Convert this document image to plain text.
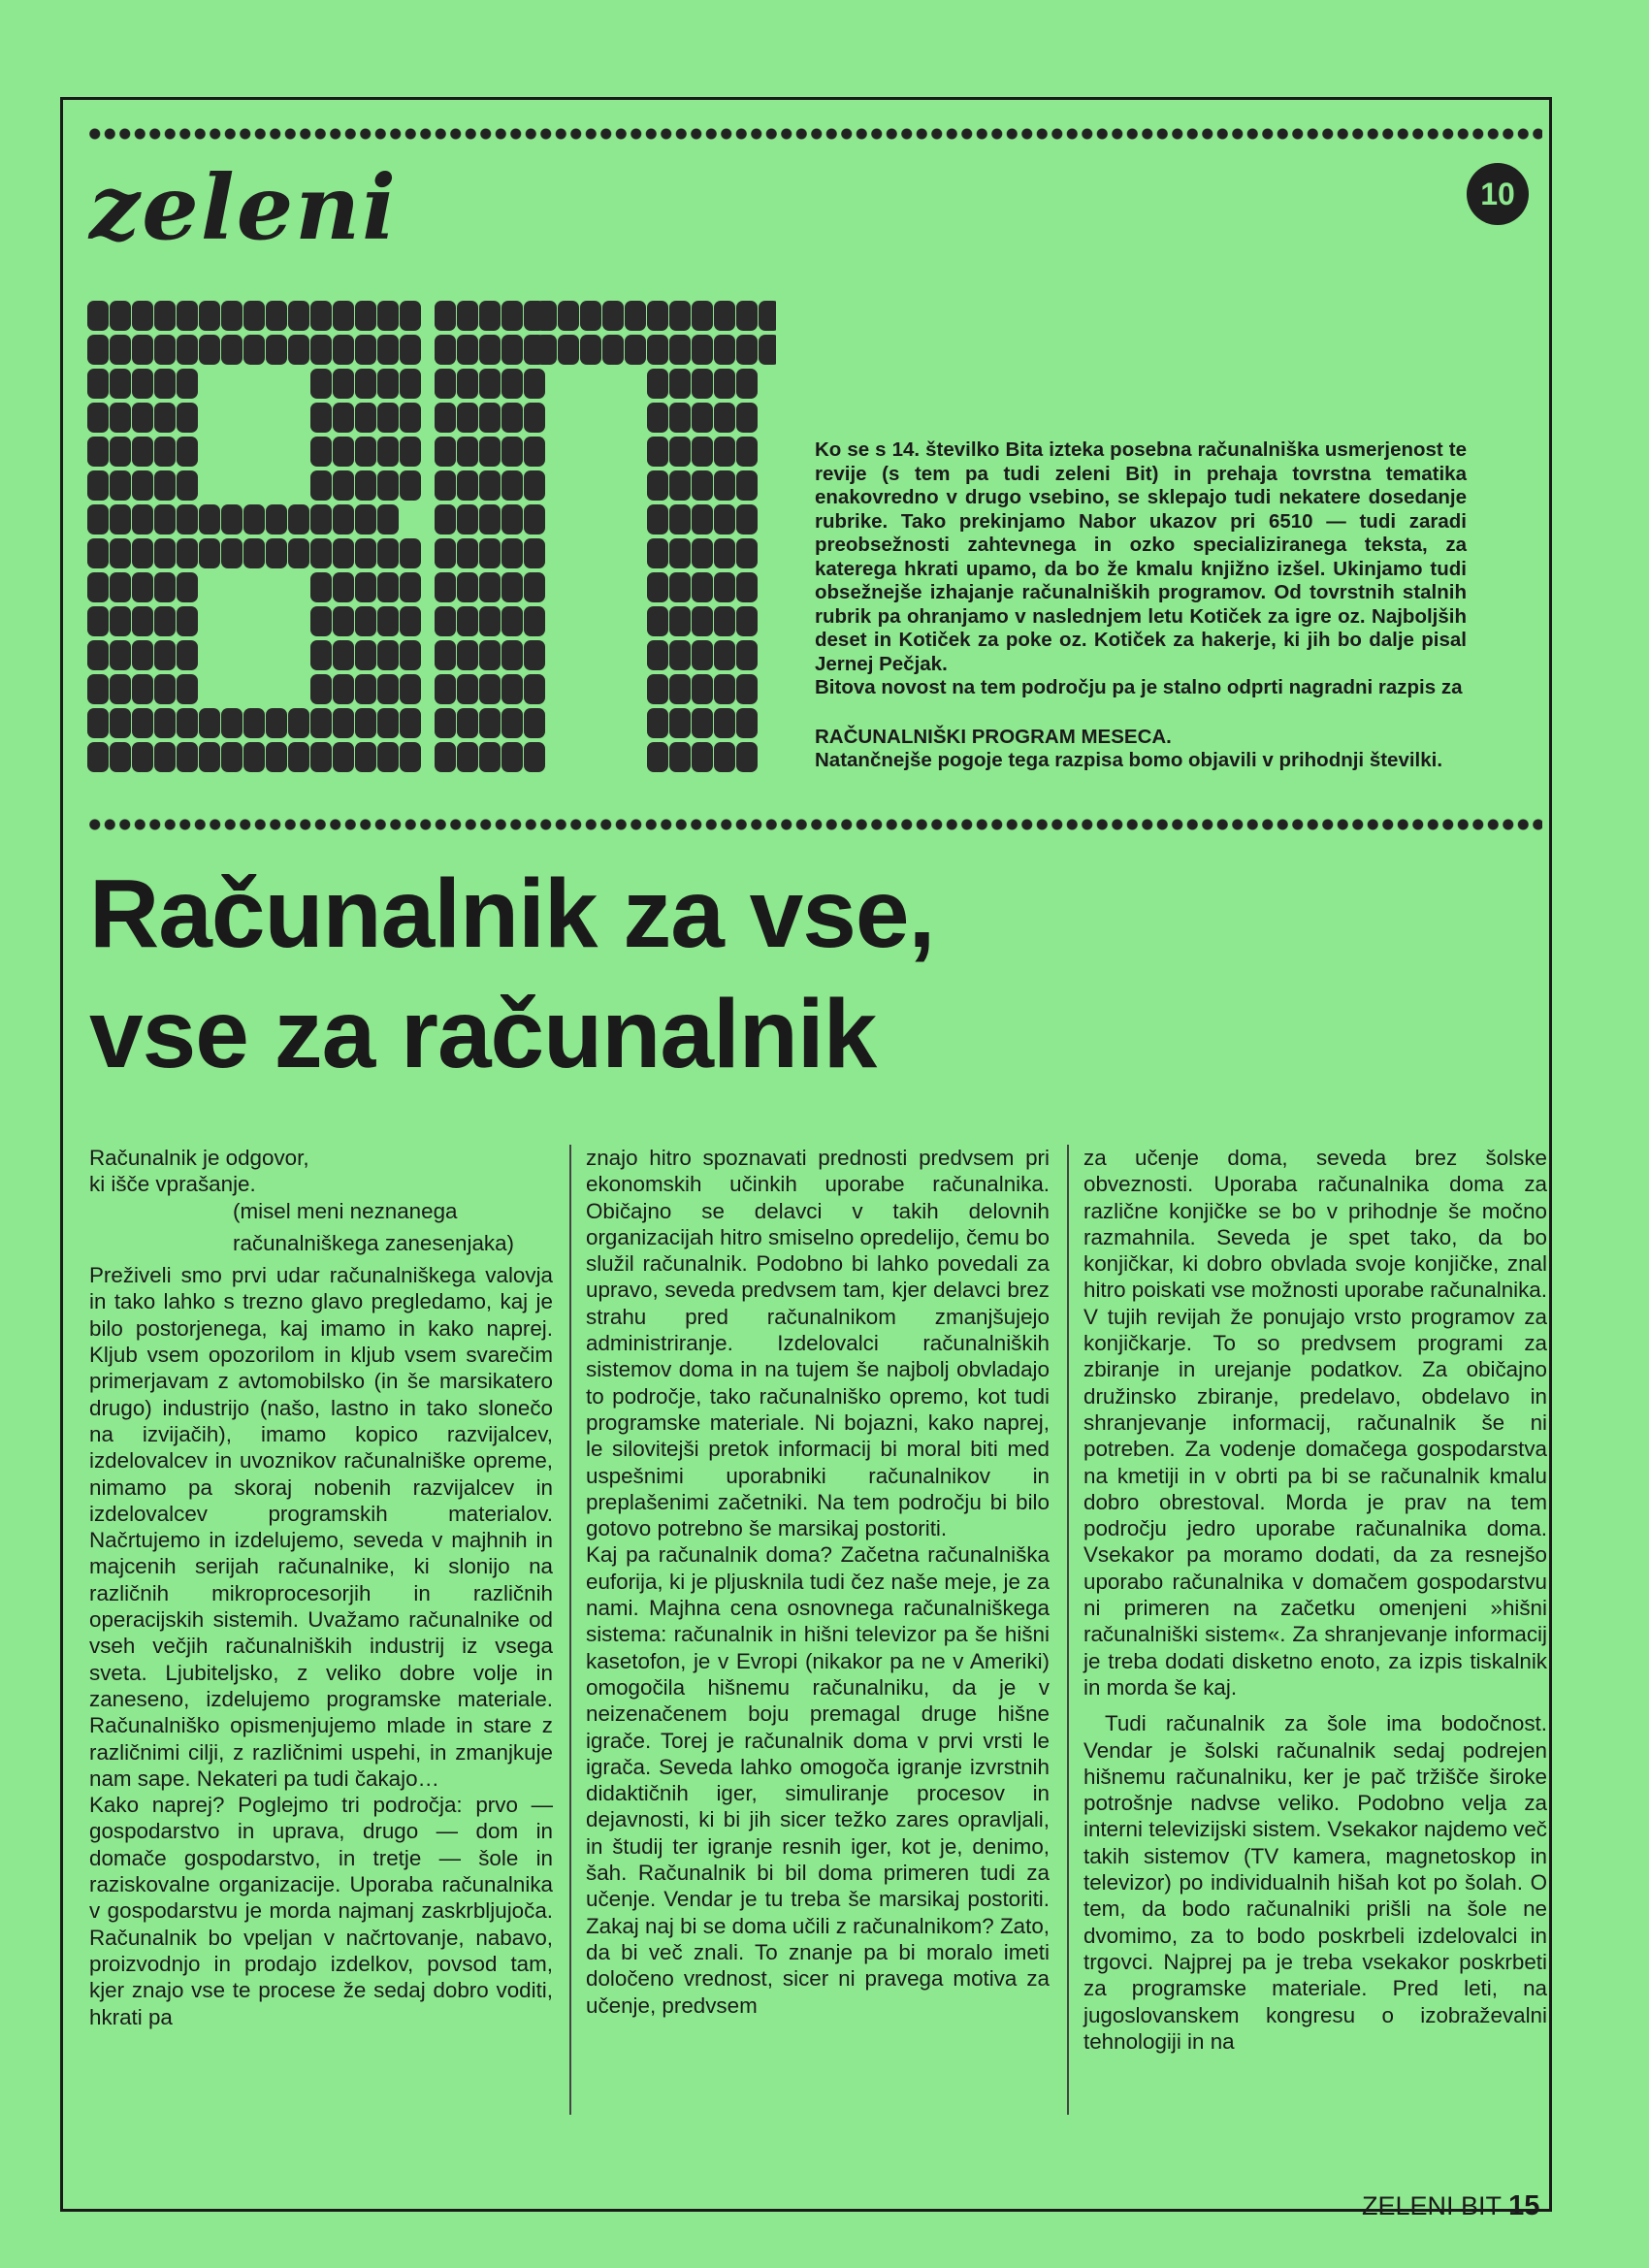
zeleni	10

Ko se s 14. številko Bita izteka posebna računalniška usmerjenost te revije (s tem pa tudi zeleni Bit) in prehaja tovrstna tematika enakovredno v drugo vsebino, se sklepajo tudi nekatere dosedanje rubrike. Tako prekinjamo Nabor ukazov pri 6510 — tudi zaradi preobsežnosti zahtevnega in ozko specializiranega teksta, za katerega hkrati upamo, da bo že kmalu knjižno izšel. Ukinjamo tudi obsežnejše izhajanje računalniških programov. Od tovrstnih stalnih rubrik pa ohranjamo v naslednjem letu Kotiček za igre oz. Najboljših deset in Kotiček za poke oz. Kotiček za hakerje, ki jih bo dalje pisal Jernej Pečjak.

Bitova novost na tem področju pa je stalno odprti nagradni razpis za

RAČUNALNIŠKI PROGRAM MESECA.

Natančnejše pogoje tega razpisa bomo objavili v prihodnji številki.

Računalnik za vse,
vse za računalnik

Računalnik je odgovor,

ki išče vprašanje.

(misel meni neznanega

računalniškega zanesenjaka)

Preživeli smo prvi udar računalniškega valovja in tako lahko s trezno glavo pregledamo, kaj je bilo postorjenega, kaj imamo in kako naprej. Kljub vsem opozorilom in kljub vsem svarečim primerjavam z avtomobilsko (in še marsikatero drugo) industrijo (našo, lastno in tako slonečo na izvijačih), imamo kopico razvijalcev, izdelovalcev in uvoznikov računalniške opreme, nimamo pa skoraj nobenih razvijalcev in izdelovalcev programskih materialov. Načrtujemo in izdelujemo, seveda v majhnih in majcenih serijah računalnike, ki slonijo na različnih mikroprocesorjih in različnih operacijskih sistemih. Uvažamo računalnike od vseh večjih računalniških industrij iz vsega sveta. Ljubiteljsko, z veliko dobre volje in zaneseno, izdelujemo programske materiale. Računalniško opismenjujemo mlade in stare z različnimi cilji, z različnimi uspehi, in zmanjkuje nam sape. Nekateri pa tudi čakajo…

Kako naprej? Poglejmo tri področja: prvo — gospodarstvo in uprava, drugo — dom in domače gospodarstvo, in tretje — šole in raziskovalne organizacije. Uporaba računalnika v gospodarstvu je morda najmanj zaskrbljujoča. Računalnik bo vpeljan v načrtovanje, nabavo, proizvodnjo in prodajo izdelkov, povsod tam, kjer znajo vse te procese že sedaj dobro voditi, hkrati pa

znajo hitro spoznavati prednosti predvsem pri ekonomskih učinkih uporabe računalnika. Običajno se delavci v takih delovnih organizacijah hitro smiselno opredelijo, čemu bo služil računalnik. Podobno bi lahko povedali za upravo, seveda predvsem tam, kjer delavci brez strahu pred računalnikom zmanjšujejo administriranje. Izdelovalci računalniških sistemov doma in na tujem še najbolj obvladajo to področje, tako računalniško opremo, kot tudi programske materiale. Ni bojazni, kako naprej, le silovitejši pretok informacij bi moral biti med uspešnimi uporabniki računalnikov in preplašenimi začetniki. Na tem področju bi bilo gotovo potrebno še marsikaj postoriti.

Kaj pa računalnik doma? Začetna računalniška euforija, ki je pljusknila tudi čez naše meje, je za nami. Majhna cena osnovnega računalniškega sistema: računalnik in hišni televizor pa še hišni kasetofon, je v Evropi (nikakor pa ne v Ameriki) omogočila hišnemu računalniku, da je v neizenačenem boju premagal druge hišne igrače. Torej je računalnik doma v prvi vrsti le igrača. Seveda lahko omogoča igranje izvrstnih didaktičnih iger, simuliranje procesov in dejavnosti, ki bi jih sicer težko zares opravljali, in študij ter igranje resnih iger, kot je, denimo, šah. Računalnik bi bil doma primeren tudi za učenje. Vendar je tu treba še marsikaj postoriti. Zakaj naj bi se doma učili z računalnikom? Zato, da bi več znali. To znanje pa bi moralo imeti določeno vrednost, sicer ni pravega motiva za učenje, predvsem

za učenje doma, seveda brez šolske obveznosti. Uporaba računalnika doma za različne konjičke se bo v prihodnje še močno razmahnila. Seveda je spet tako, da bo konjičkar, ki dobro obvlada svoje konjičke, znal hitro poiskati vse možnosti uporabe računalnika. V tujih revijah že ponujajo vrsto programov za konjičkarje. To so predvsem programi za zbiranje in urejanje podatkov. Za običajno družinsko zbiranje, predelavo, obdelavo in shranjevanje informacij, računalnik še ni potreben. Za vodenje domačega gospodarstva na kmetiji in v obrti pa bi se računalnik kmalu dobro obrestoval. Morda je prav na tem področju jedro uporabe računalnika doma. Vsekakor pa moramo dodati, da za resnejšo uporabo računalnika v domačem gospodarstvu ni primeren na začetku omenjeni »hišni računalniški sistem«. Za shranjevanje informacij je treba dodati disketno enoto, za izpis tiskalnik in morda še kaj.

Tudi računalnik za šole ima bodočnost. Vendar je šolski računalnik sedaj podrejen hišnemu računalniku, ker je pač tržišče široke potrošnje nadvse veliko. Podobno velja za interni televizijski sistem. Vsekakor najdemo več takih sistemov (TV kamera, magnetoskop in televizor) po individualnih hišah kot po šolah. O tem, da bodo računalniki prišli na šole ne dvomimo, za to bodo poskrbeli izdelovalci in trgovci. Najprej pa je treba vsekakor poskrbeti za programske materiale. Pred leti, na jugoslovanskem kongresu o izobraževalni tehnologiji in na

ZELENI BIT 15
